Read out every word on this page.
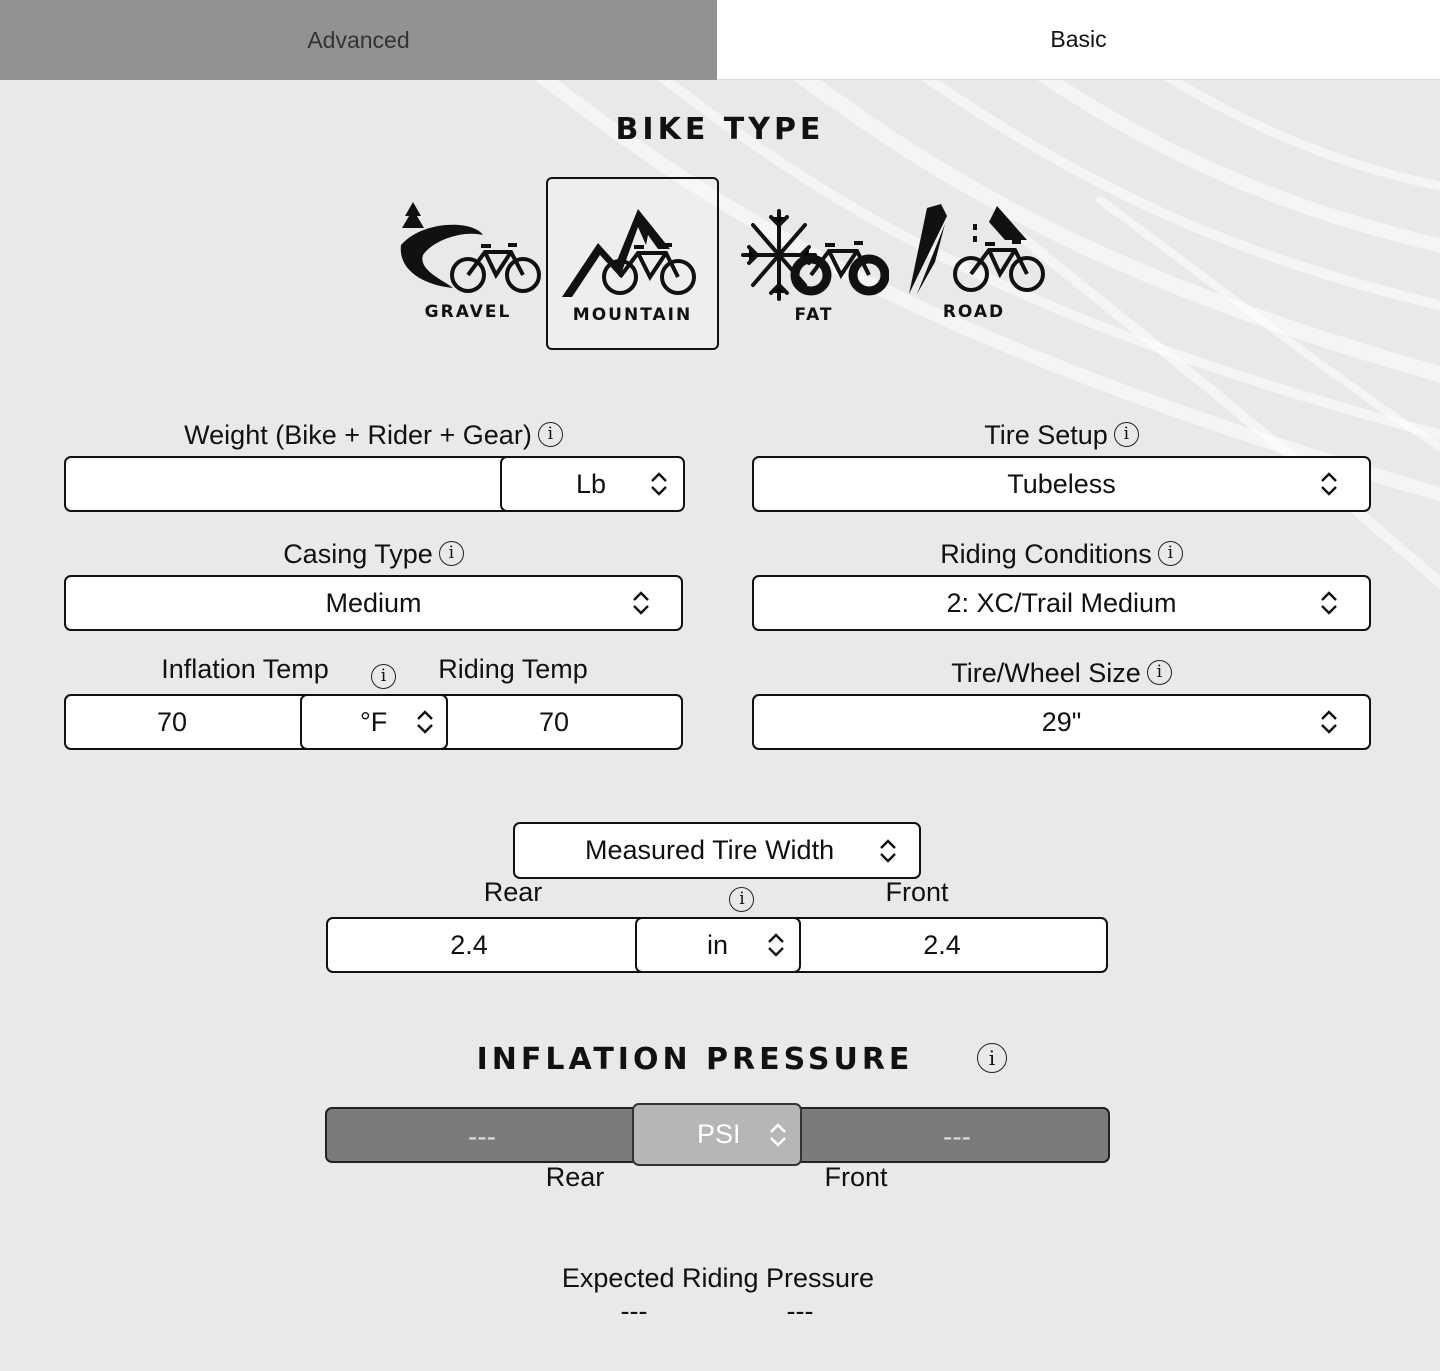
Advanced	Basic
BIKE TYPE
GRAVEL	MOUNTAIN	FAT	ROAD
Weight (Bike + Rider + Gear) i
Lb
Tire Setup i
Tubeless
Casing Type i
Medium
Riding Conditions i
2: XC/Trail Medium
Inflation Temp	i	Riding Temp
70	°F	70
Tire/Wheel Size i
29"
Measured Tire Width
Rear	i	Front
2.4	in	2.4
INFLATION PRESSURE	i
---	---
PSI
Rear	Front
Expected Riding Pressure
---	---
